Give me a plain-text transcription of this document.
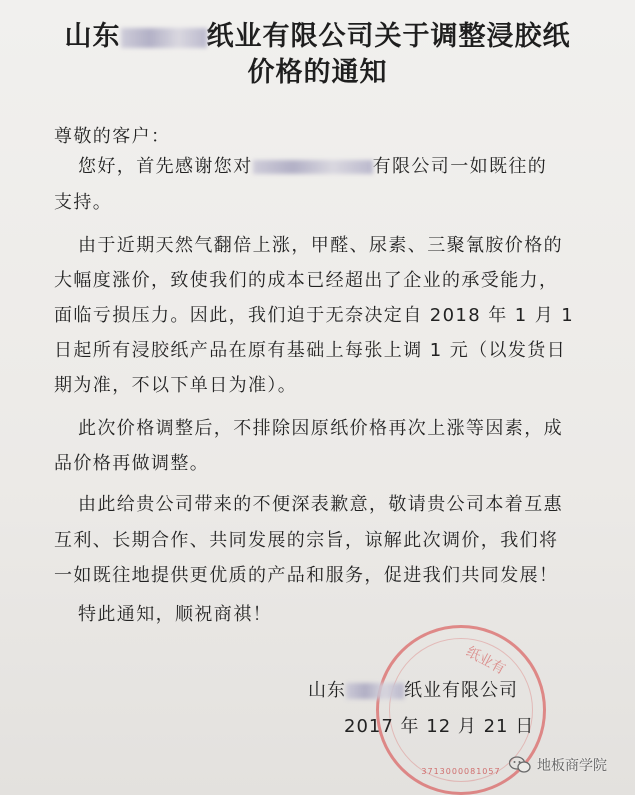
山东	纸业有限公司关于调整浸胶纸
价格的通知
尊敬的客户：
您好，首先感谢您对	有限公司一如既往的
支持。
由于近期天然气翻倍上涨，甲醛、尿素、三聚氰胺价格的
大幅度涨价，致使我们的成本已经超出了企业的承受能力，
面临亏损压力。因此，我们迫于无奈决定自 2018 年 1 月 1
日起所有浸胶纸产品在原有基础上每张上调 1 元（以发货日
期为准，不以下单日为准）。
此次价格调整后，不排除因原纸价格再次上涨等因素，成
品价格再做调整。
由此给贵公司带来的不便深表歉意，敬请贵公司本着互惠
互利、长期合作、共同发展的宗旨，谅解此次调价，我们将
一如既往地提供更优质的产品和服务，促进我们共同发展！
特此通知，顺祝商祺！
纸业有
3713000081057
山东	纸业有限公司
2017 年 12 月 21 日
地板商学院
